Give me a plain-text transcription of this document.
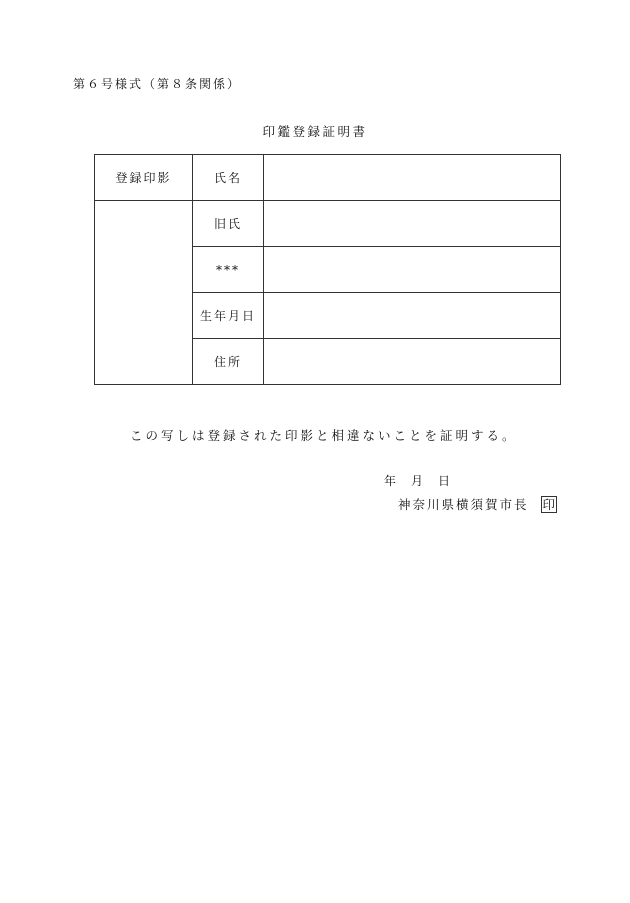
第６号様式（第８条関係）
印鑑登録証明書
登録印影	氏名	
	旧氏	
	***	
	生年月日	
	住所	
この写しは登録された印影と相違ないことを証明する。
年 月 日
神奈川県横須賀市長 印
